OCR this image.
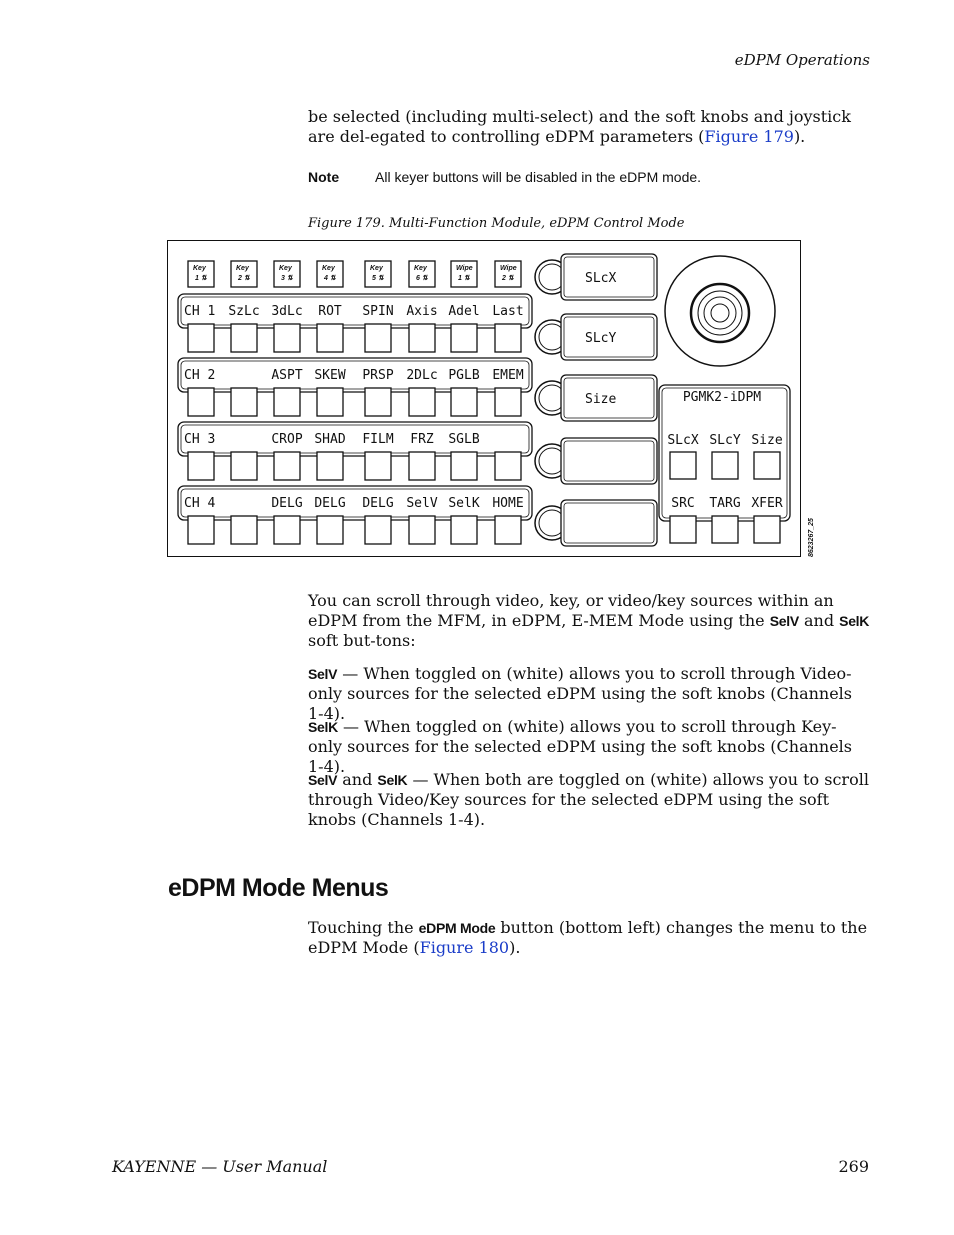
eDPM Operations

be selected (including multi-select) and the soft knobs and joystick are del-egated to controlling eDPM parameters (Figure 179).

Note	All keyer buttons will be disabled in the eDPM mode.
Figure 179. Multi-Function Module, eDPM Control Mode
Key
1 ⇅
Key
2 ⇅
Key
3 ⇅
Key
4 ⇅
Key
5 ⇅
Key
6 ⇅
Wipe
1 ⇅
Wipe
2 ⇅
CH 1 SzLc 3dLc ROT SPIN Axis Adel Last
CH 2	ASPT SKEW PRSP 2DLc PGLB EMEM
CH 3	CROP SHAD FILM FRZ SGLB
CH 4	DELG DELG DELG SelV SelK HOME
SLcX
SLcY
Size	PGMK2-iDPM
SLcX SLcY Size
SRC TARG XFER
8623267_25

You can scroll through video, key, or video/key sources within an eDPM from the MFM, in eDPM, E-MEM Mode using the SelV and SelK soft but-tons:

SelV — When toggled on (white) allows you to scroll through Video-only sources for the selected eDPM using the soft knobs (Channels 1-4).

SelK — When toggled on (white) allows you to scroll through Key-only sources for the selected eDPM using the soft knobs (Channels 1-4).

SelV and SelK — When both are toggled on (white) allows you to scroll through Video/Key sources for the selected eDPM using the soft knobs (Channels 1-4).

eDPM Mode Menus

Touching the eDPM Mode button (bottom left) changes the menu to the eDPM Mode (Figure 180).

KAYENNE — User Manual	269
